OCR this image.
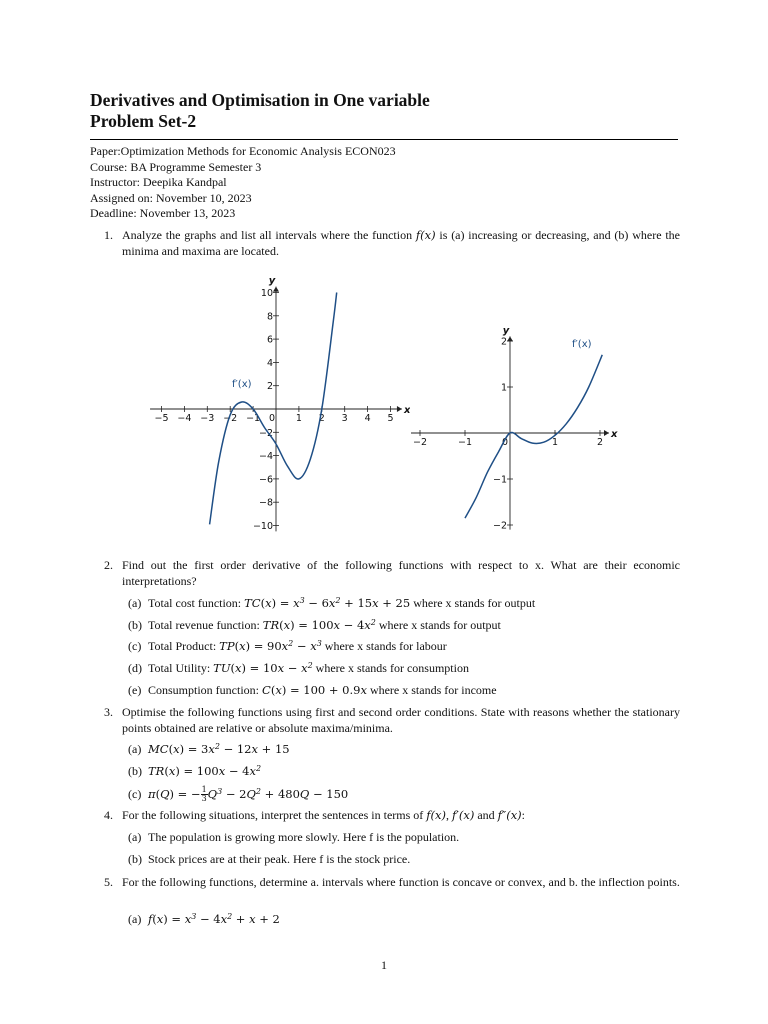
Derivatives and Optimisation in One variable
Problem Set-2
Paper:Optimization Methods for Economic Analysis ECON023
Course: BA Programme Semester 3
Instructor: Deepika Kandpal
Assigned on: November 10, 2023
Deadline: November 13, 2023
1. Analyze the graphs and list all intervals where the function f(x) is (a) increasing or decreasing, and (b) where the minima and maxima are located.
x
y
−5 −4 −3 −2 −1 0 1 2 3 4 5
−10
−8
−6
−4
−2
2
4
6
8
10
f′(x)
x
y
−2	−1	0	1	2
−2
−1
1
2	f′(x)
2. Find out the first order derivative of the following functions with respect to x. What are their economic interpretations?
(a) Total cost function: $TC(x) = x^3 - 6x^2 + 15x + 25$ where x stands for output
(b) Total revenue function: $TR(x) = 100x - 4x^2$ where x stands for output
(c) Total Product: $TP(x) = 90x^2 - x^3$ where x stands for labour
(d) Total Utility: $TU(x) = 10x - x^2$ where x stands for consumption
(e) Consumption function: C(x) = 100 + 0.9x where x stands for income
3. Optimise the following functions using first and second order conditions. State with reasons whether the stationary points obtained are relative or absolute maxima/minima.
(a) $MC(x) = 3x^2 - 12x + 15$
(b) $TR(x) = 100x - 4x^2$
(c) π(Q) = − $\frac{1}{3} Q^3 - 2Q^2 + 480Q - 150$
4. For the following situations, interpret the sentences in terms of f(x), f′(x) and f″(x):
(a) The population is growing more slowly. Here f is the population.
(b) Stock prices are at their peak. Here f is the stock price.
5. For the following functions, determine a. intervals where function is concave or convex, and b. the inflection points.
(a) $f(x) = x^3 - 4x^2 + x + 2$
1
